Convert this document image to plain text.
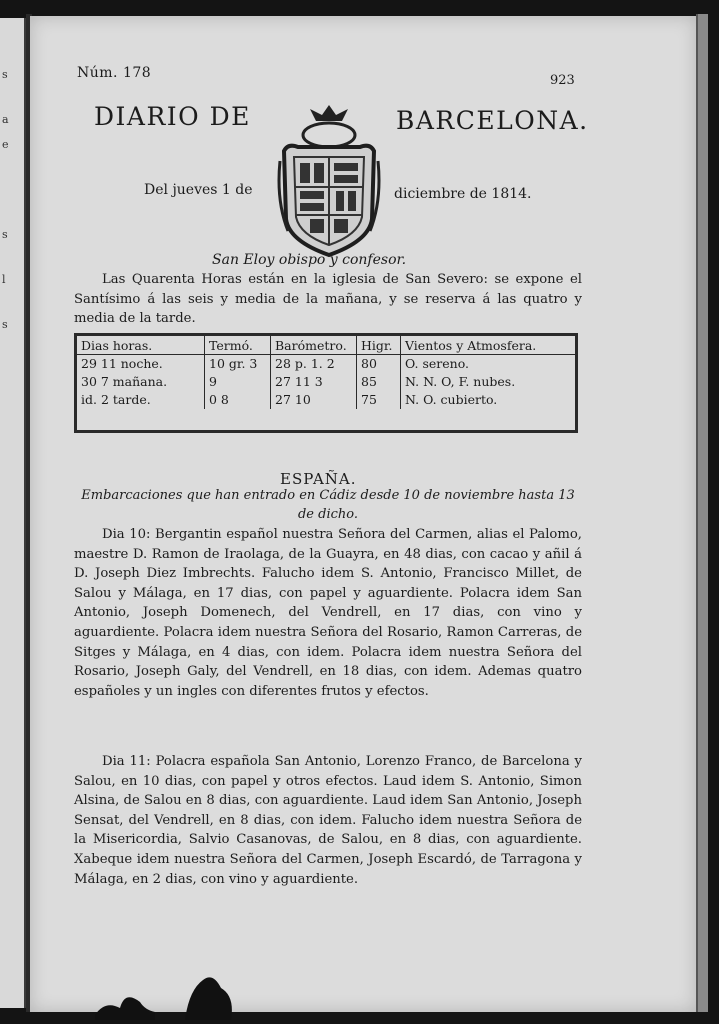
s
a
e
s
l
s
Núm. 178	923
DIARIO DE	BARCELONA.
Del jueves 1 de	diciembre de 1814.
San Eloy obispo y confesor.
Las Quarenta Horas están en la iglesia de San Severo: se expone el Santísimo á las seis y media de la mañana, y se reserva á las quatro y media de la tarde.
Dias horas.	Termó.	Barómetro.	Higr.	Vientos y Atmosfera.
29 11 noche.	10 gr. 3	28 p. 1. 2	80	O. sereno.
30 7 mañana.	9	27 11 3	85	N. N. O, F. nubes.
id. 2 tarde.	0 8	27 10	75	N. O. cubierto.
ESPAÑA.
Embarcaciones que han entrado en Cádiz desde 10 de noviembre hasta 13 de dicho.
Dia 10: Bergantin español nuestra Señora del Carmen, alias el Palomo, maestre D. Ramon de Iraolaga, de la Guayra, en 48 dias, con cacao y añil á D. Joseph Diez Imbrechts. Falucho idem S. Antonio, Francisco Millet, de Salou y Málaga, en 17 dias, con papel y aguardiente. Polacra idem San Antonio, Joseph Domenech, del Vendrell, en 17 dias, con vino y aguardiente. Polacra idem nuestra Señora del Rosario, Ramon Carreras, de Sitges y Málaga, en 4 dias, con idem. Polacra idem nuestra Señora del Rosario, Joseph Galy, del Vendrell, en 18 dias, con idem. Ademas quatro españoles y un ingles con diferentes frutos y efectos.
Dia 11: Polacra española San Antonio, Lorenzo Franco, de Barcelona y Salou, en 10 dias, con papel y otros efectos. Laud idem S. Antonio, Simon Alsina, de Salou en 8 dias, con aguardiente. Laud idem San Antonio, Joseph Sensat, del Vendrell, en 8 dias, con idem. Falucho idem nuestra Señora de la Misericordia, Salvio Casanovas, de Salou, en 8 dias, con aguardiente. Xabeque idem nuestra Señora del Carmen, Joseph Escardó, de Tarragona y Málaga, en 2 dias, con vino y aguardiente.
